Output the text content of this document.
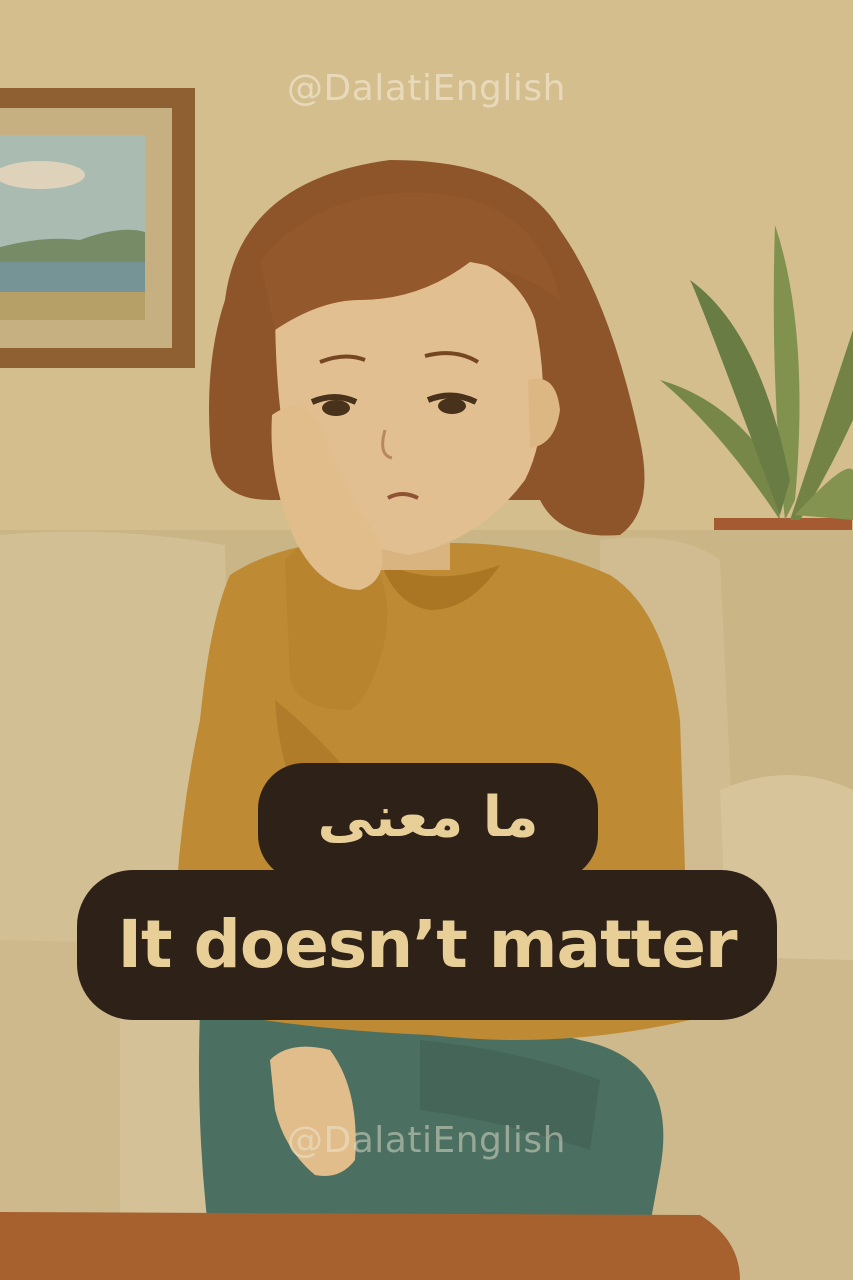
@DalatiEnglish
@DalatiEnglish
ما معنى
It doesn’t matter
